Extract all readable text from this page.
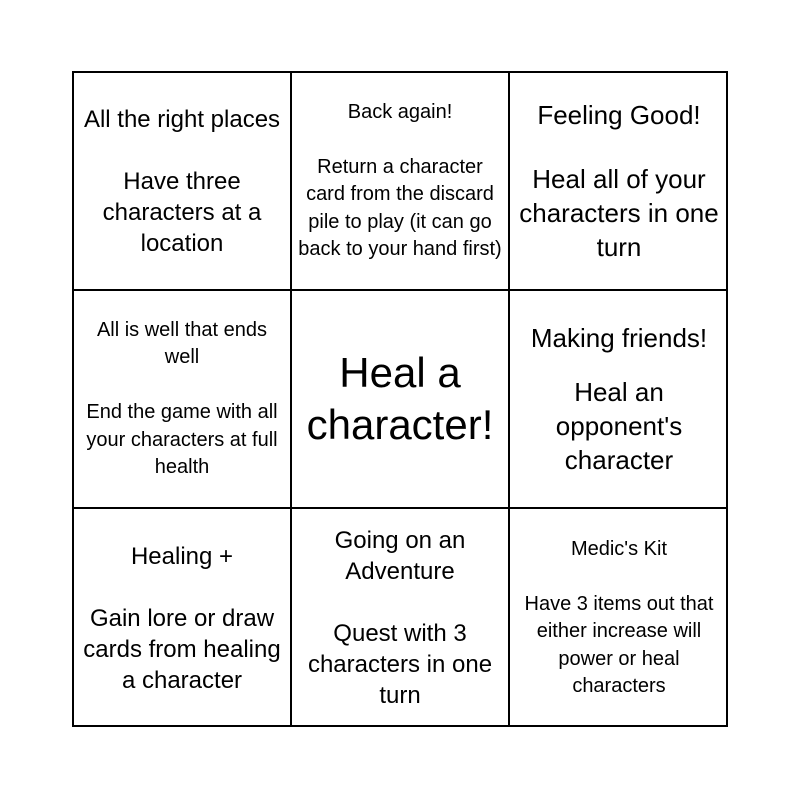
All the right places
Have three characters at a location
Back again!
Return a character card from the discard pile to play (it can go back to your hand first)
Feeling Good!
Heal all of your characters in one turn
All is well that ends well
End the game with all your characters at full health
Heal a character!
Making friends!
Heal an opponent's character
Healing +
Gain lore or draw cards from healing a character
Going on an Adventure
Quest with 3 characters in one turn
Medic's Kit
Have 3 items out that either increase will power or heal characters
